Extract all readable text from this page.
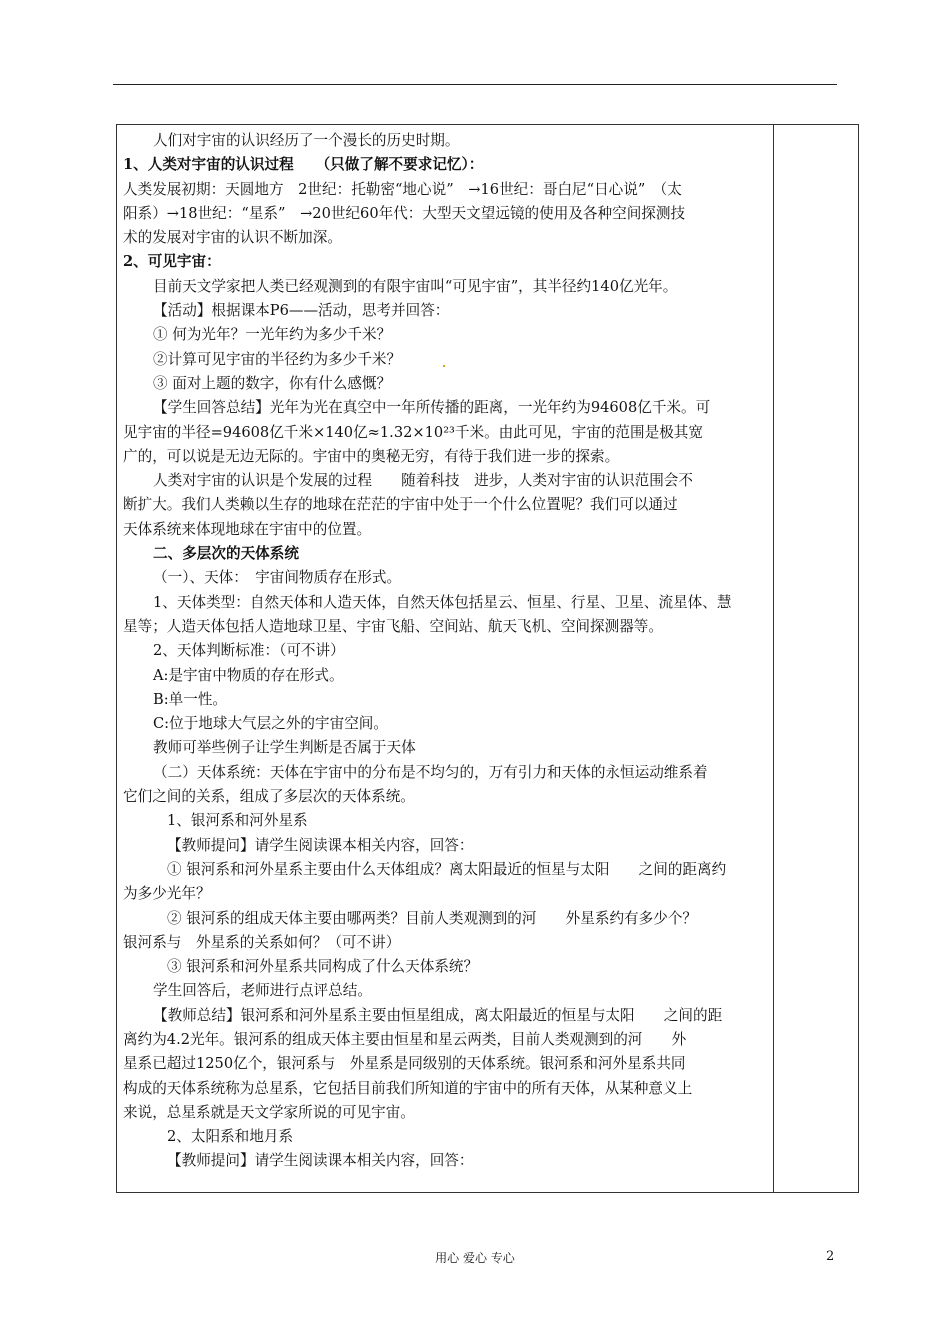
人们对宇宙的认识经历了一个漫长的历史时期。
1、人类对宇宙的认识过程　　（只做了解不要求记忆）：
人类发展初期：天圆地方　2世纪：托勒密“地心说”　→16世纪：哥白尼“日心说”　（太
阳系）→18世纪：“星系”　→20世纪60年代：大型天文望远镜的使用及各种空间探测技
术的发展对宇宙的认识不断加深。
2、可见宇宙：
目前天文学家把人类已经观测到的有限宇宙叫“可见宇宙”，其半径约140亿光年。
【活动】根据课本P6——活动，思考并回答：
① 何为光年？一光年约为多少千米？
②计算可见宇宙的半径约为多少千米？
③ 面对上题的数字，你有什么感慨？
【学生回答总结】光年为光在真空中一年所传播的距离，一光年约为94608亿千米。可
见宇宙的半径=94608亿千米×140亿≈1.32×10²³千米。由此可见，宇宙的范围是极其宽
广的，可以说是无边无际的。宇宙中的奥秘无穷，有待于我们进一步的探索。
人类对宇宙的认识是个发展的过程　　随着科技　进步，人类对宇宙的认识范围会不
断扩大。我们人类赖以生存的地球在茫茫的宇宙中处于一个什么位置呢？我们可以通过
天体系统来体现地球在宇宙中的位置。
二、多层次的天体系统
（一）、天体：　宇宙间物质存在形式。
1、天体类型：自然天体和人造天体，自然天体包括星云、恒星、行星、卫星、流星体、慧
星等；人造天体包括人造地球卫星、宇宙飞船、空间站、航天飞机、空间探测器等。
2、天体判断标准：（可不讲）
A:是宇宙中物质的存在形式。
B:单一性。
C:位于地球大气层之外的宇宙空间。
教师可举些例子让学生判断是否属于天体
（二）天体系统：天体在宇宙中的分布是不均匀的，万有引力和天体的永恒运动维系着
它们之间的关系，组成了多层次的天体系统。
1、银河系和河外星系
【教师提问】请学生阅读课本相关内容，回答：
① 银河系和河外星系主要由什么天体组成？离太阳最近的恒星与太阳　　之间的距离约
为多少光年？
② 银河系的组成天体主要由哪两类？目前人类观测到的河　　外星系约有多少个？
银河系与　外星系的关系如何？（可不讲）
③ 银河系和河外星系共同构成了什么天体系统？
学生回答后，老师进行点评总结。
【教师总结】银河系和河外星系主要由恒星组成，离太阳最近的恒星与太阳　　之间的距
离约为4.2光年。银河系的组成天体主要由恒星和星云两类，目前人类观测到的河　　外
星系已超过1250亿个，银河系与　外星系是同级别的天体系统。银河系和河外星系共同
构成的天体系统称为总星系，它包括目前我们所知道的宇宙中的所有天体，从某种意义上
来说，总星系就是天文学家所说的可见宇宙。
2、太阳系和地月系
【教师提问】请学生阅读课本相关内容，回答：
用心 爱心 专心	2
